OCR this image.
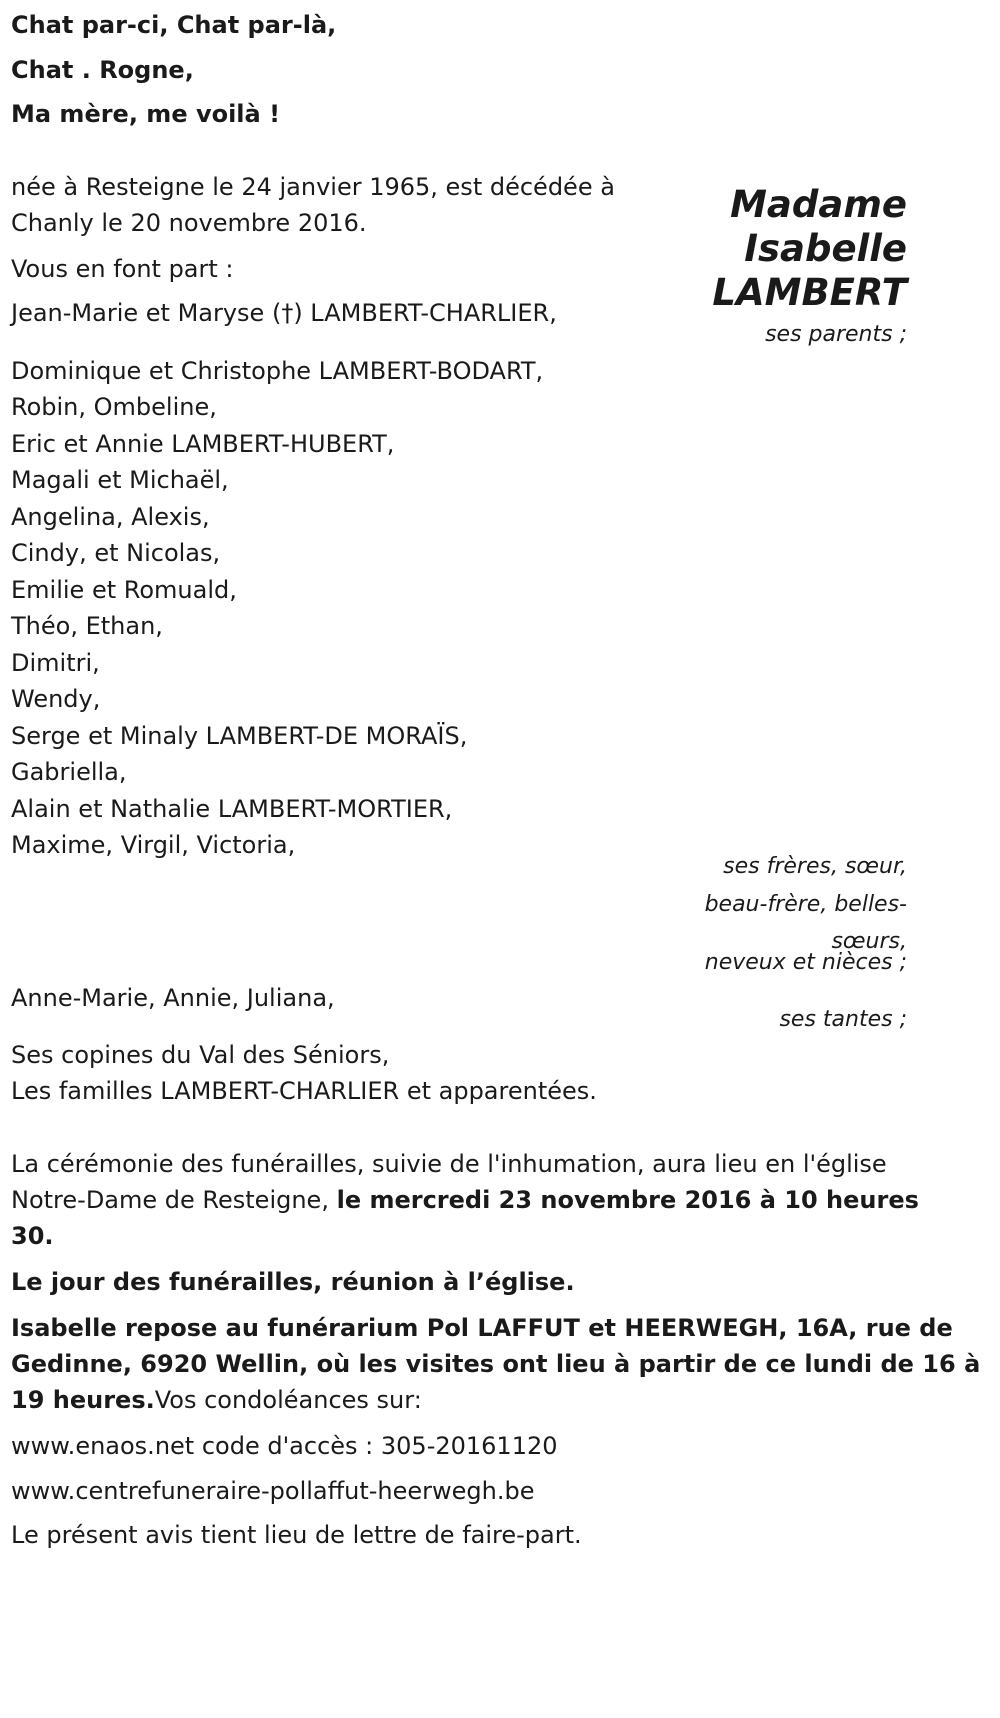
Chat par-ci, Chat par-là,
Chat . Rogne,
Ma mère, me voilà !
Madame
Isabelle
LAMBERT
née à Resteigne le 24 janvier 1965, est décédée à
Chanly le 20 novembre 2016.
Vous en font part :
Jean-Marie et Maryse (†) LAMBERT-CHARLIER,
ses parents ;
Dominique et Christophe LAMBERT-BODART,
Robin, Ombeline,
Eric et Annie LAMBERT-HUBERT,
Magali et Michaël,
Angelina, Alexis,
Cindy, et Nicolas,
Emilie et Romuald,
Théo, Ethan,
Dimitri,
Wendy,
Serge et Minaly LAMBERT-DE MORAÏS,
Gabriella,
Alain et Nathalie LAMBERT-MORTIER,
Maxime, Virgil, Victoria,
ses frères, sœur,
beau-frère, belles-
sœurs,
neveux et nièces ;
Anne-Marie, Annie, Juliana,
ses tantes ;
Ses copines du Val des Séniors,
Les familles LAMBERT-CHARLIER et apparentées.
La cérémonie des funérailles, suivie de l'inhumation, aura lieu en l'église
Notre-Dame de Resteigne, le mercredi 23 novembre 2016 à 10 heures
30.
Le jour des funérailles, réunion à l’église.
Isabelle repose au funérarium Pol LAFFUT et HEERWEGH, 16A, rue de
Gedinne, 6920 Wellin, où les visites ont lieu à partir de ce lundi de 16 à
19 heures.Vos condoléances sur:
www.enaos.net code d'accès : 305-20161120
www.centrefuneraire-pollaffut-heerwegh.be
Le présent avis tient lieu de lettre de faire-part.
